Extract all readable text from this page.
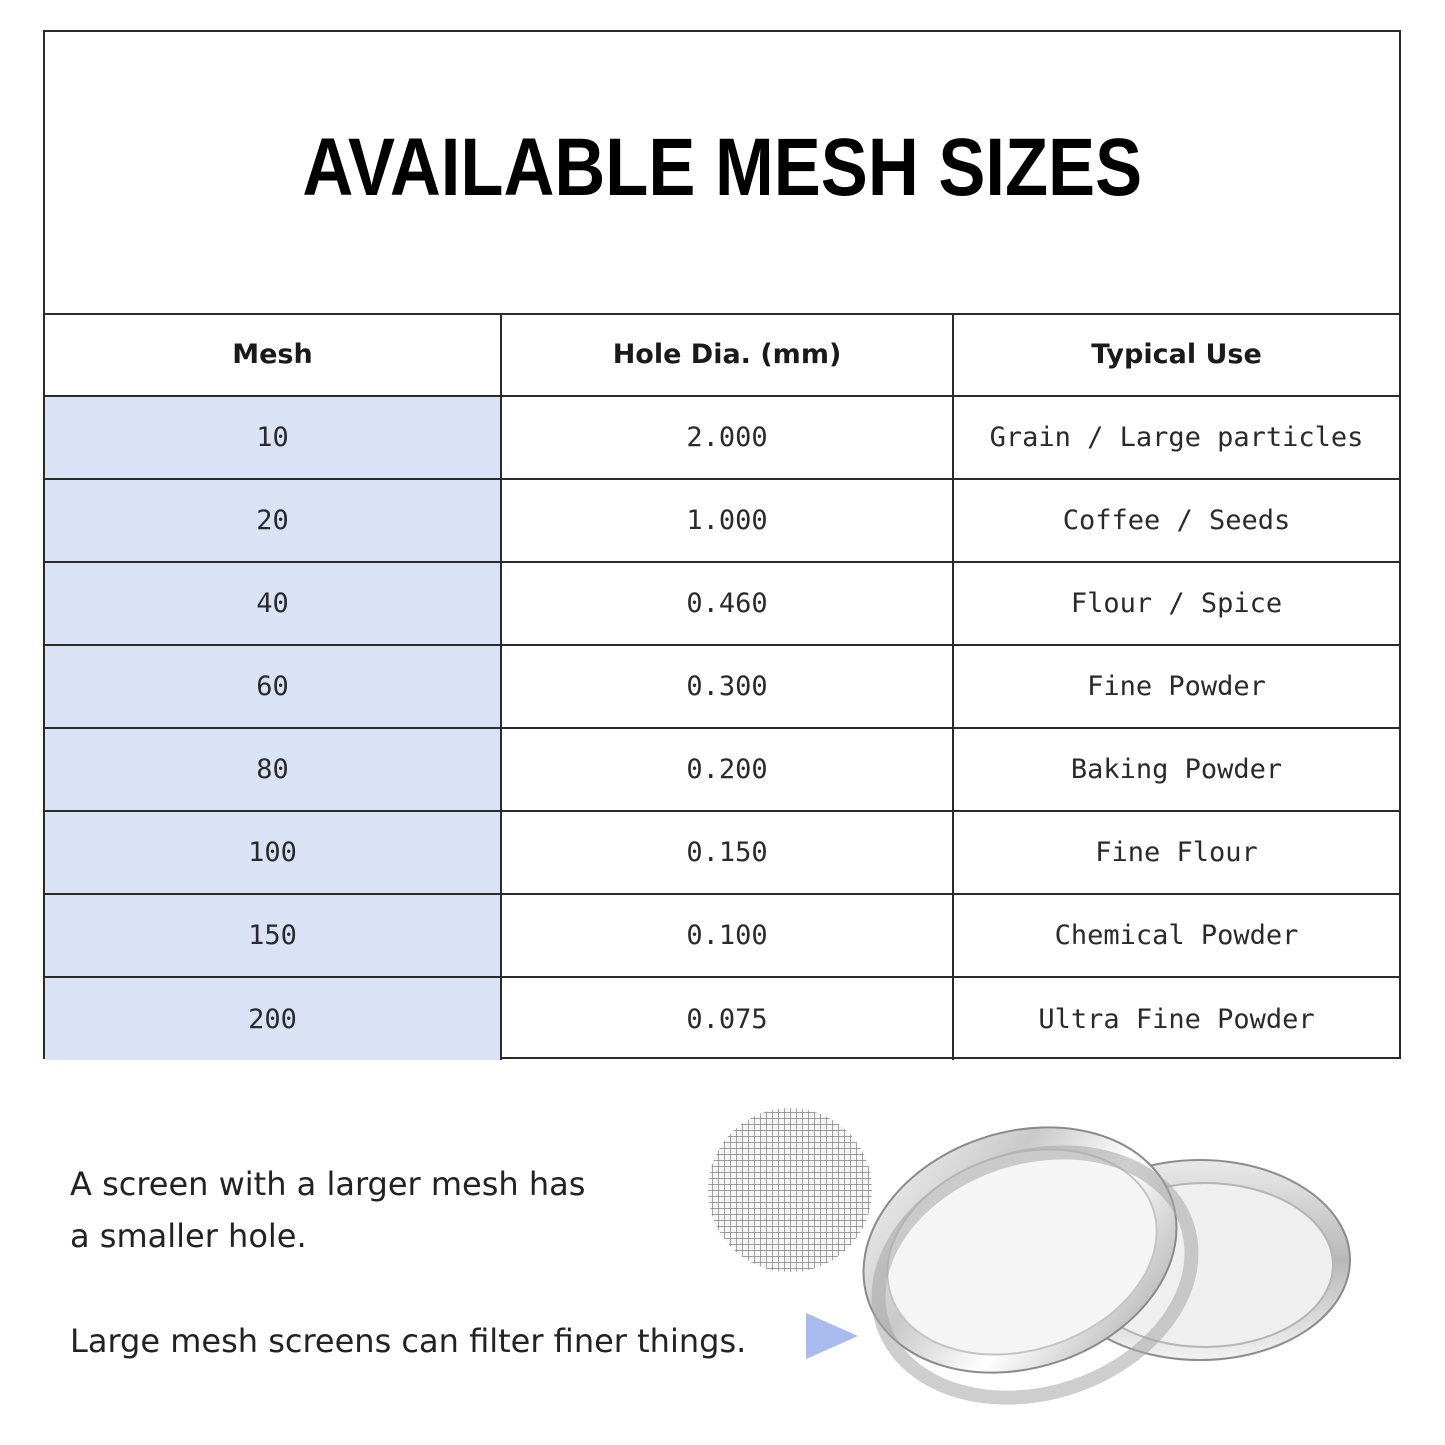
AVAILABLE MESH SIZES
Mesh	Hole Dia. (mm)	Typical Use
10	2.000	Grain / Large particles
20	1.000	Coffee / Seeds
40	0.460	Flour / Spice
60	0.300	Fine Powder
80	0.200	Baking Powder
100	0.150	Fine Flour
150	0.100	Chemical Powder
200	0.075	Ultra Fine Powder

A screen with a larger mesh has

a smaller hole.

Large mesh screens can filter finer things.
